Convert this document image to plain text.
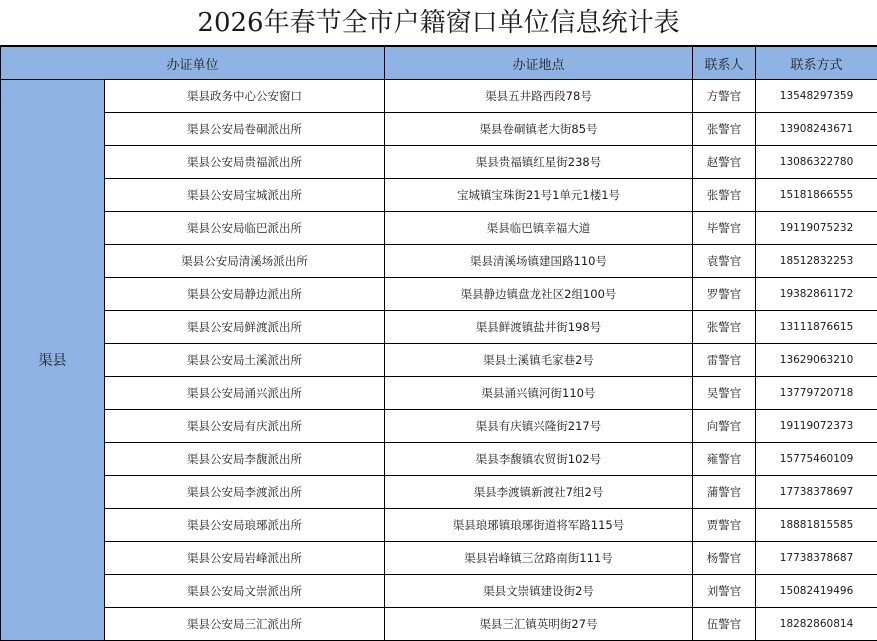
2026年春节全市户籍窗口单位信息统计表
办证单位		办证地点	联系人	联系方式
渠县	渠县政务中心公安窗口	渠县五井路西段78号	方警官	13548297359
	渠县公安局卷硐派出所	渠县卷硐镇老大街85号	张警官	13908243671
	渠县公安局贵福派出所	渠县贵福镇红星街238号	赵警官	13086322780
	渠县公安局宝城派出所	宝城镇宝珠街21号1单元1楼1号	张警官	15181866555
	渠县公安局临巴派出所	渠县临巴镇幸福大道	毕警官	19119075232
	渠县公安局清溪场派出所	渠县清溪场镇建国路110号	袁警官	18512832253
	渠县公安局静边派出所	渠县静边镇盘龙社区2组100号	罗警官	19382861172
	渠县公安局鲜渡派出所	渠县鲜渡镇盐井街198号	张警官	13111876615
	渠县公安局土溪派出所	渠县土溪镇毛家巷2号	雷警官	13629063210
	渠县公安局涌兴派出所	渠县涌兴镇河街110号	吴警官	13779720718
	渠县公安局有庆派出所	渠县有庆镇兴隆街217号	向警官	19119072373
	渠县公安局李馥派出所	渠县李馥镇农贸街102号	雍警官	15775460109
	渠县公安局李渡派出所	渠县李渡镇新渡社7组2号	蒲警官	17738378697
	渠县公安局琅琊派出所	渠县琅琊镇琅琊街道将军路115号	贾警官	18881815585
	渠县公安局岩峰派出所	渠县岩峰镇三岔路南街111号	杨警官	17738378687
	渠县公安局文崇派出所	渠县文崇镇建设街2号	刘警官	15082419496
	渠县公安局三汇派出所	渠县三汇镇英明街27号	伍警官	18282860814
